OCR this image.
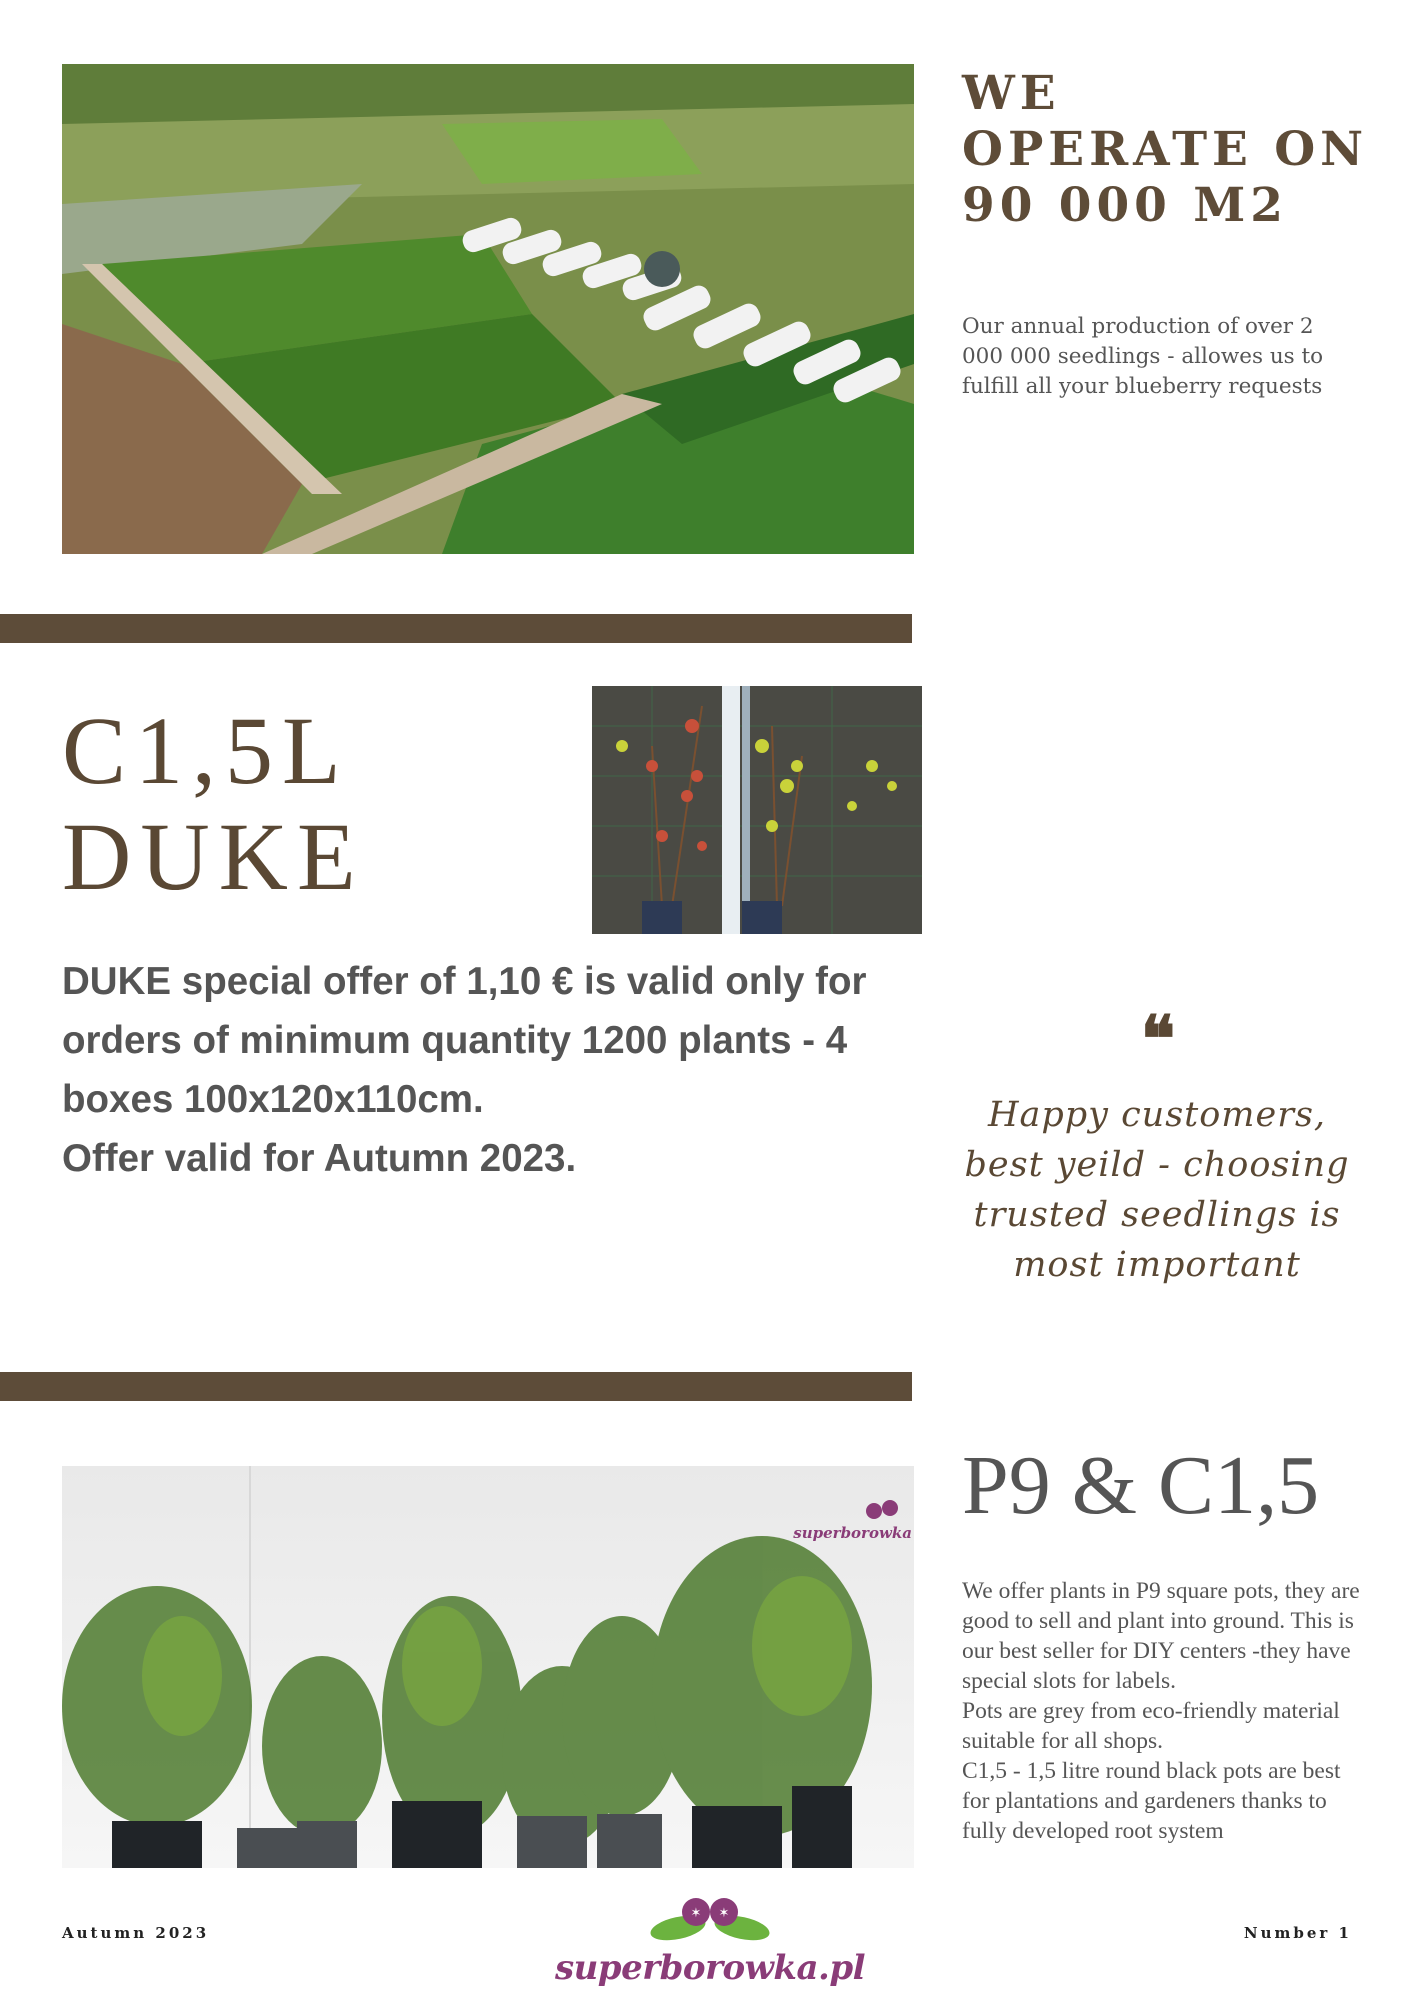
WE
OPERATE ON
90 000 M2

Our annual production of over 2 000 000 seedlings - allowes us to fulfill all your blueberry requests

C1,5L
DUKE

DUKE special offer of 1,10 € is valid only for orders of minimum quantity 1200 plants - 4 boxes 100x120x110cm.
Offer valid for Autumn 2023.

❝

Happy customers, best yeild - choosing trusted seedlings is most important

superborowka
P9 & C1,5

We offer plants in P9 square pots, they are good to sell and plant into ground. This is our best seller for DIY centers -they have special slots for labels.
Pots are grey from eco-friendly material suitable for all shops.
C1,5 - 1,5 litre round black pots are best for plantations and gardeners thanks to fully developed root system

Autumn 2023	Number 1
✶ ✶
superborowka.pl
